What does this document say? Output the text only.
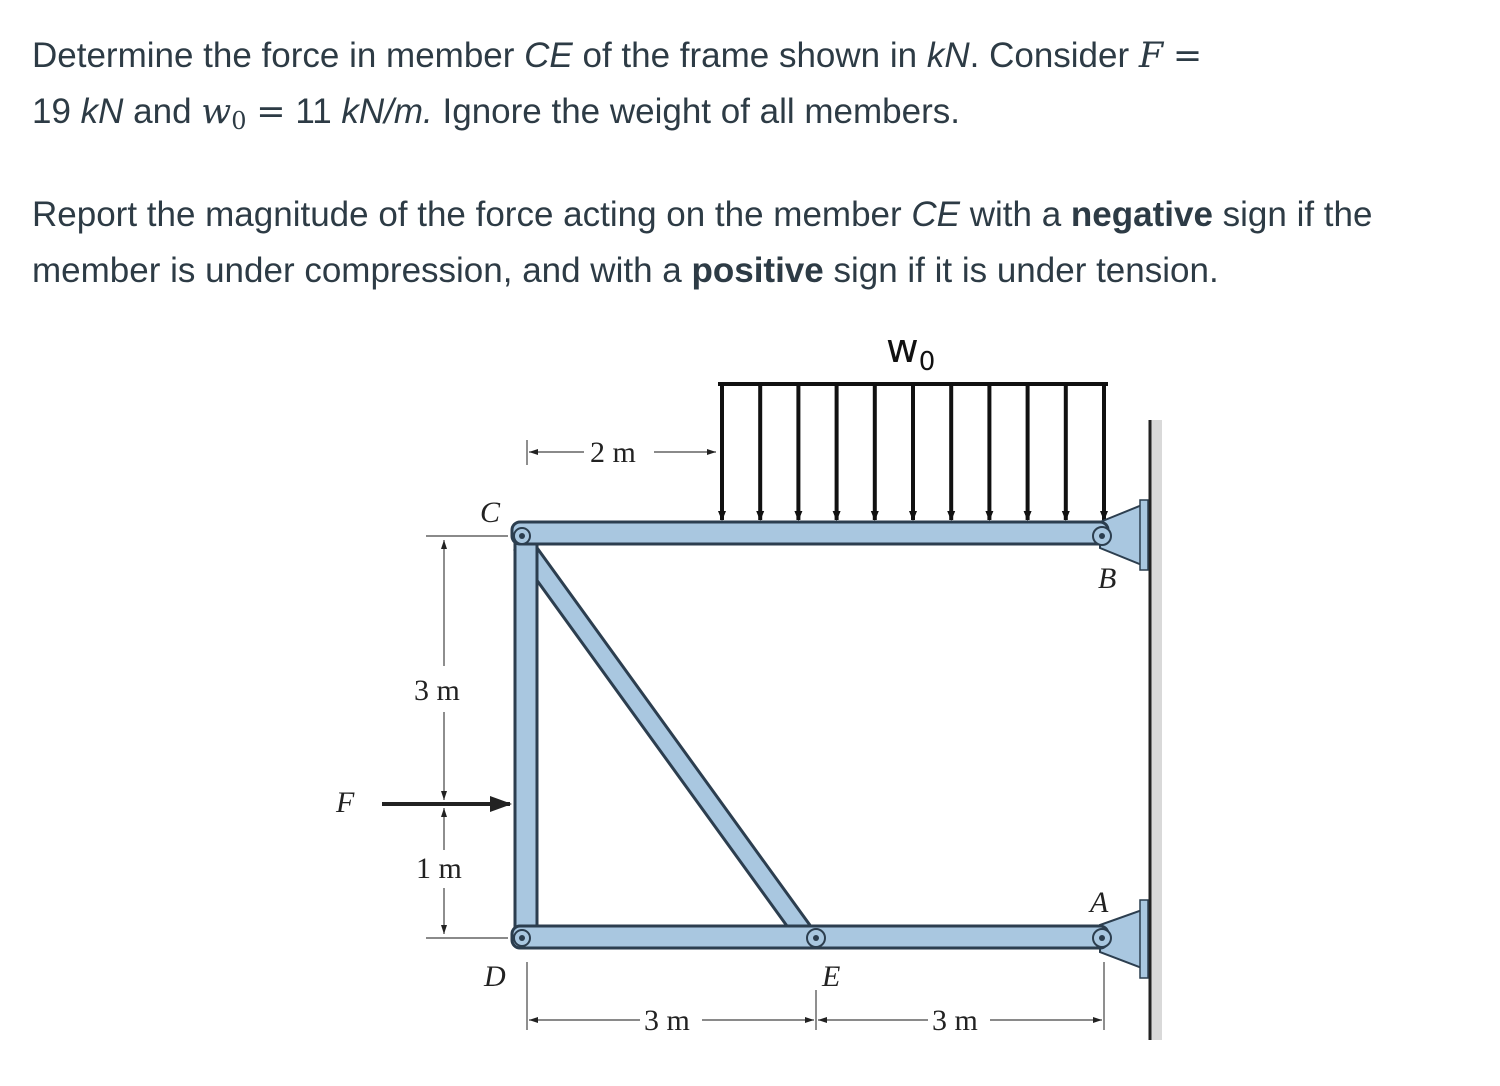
Determine the force in member CE of the frame shown in kN. Consider F =
19 kN and $w_0 = 11$ kN/m. Ignore the weight of all members.

Report the magnitude of the force acting on the member CE with a negative sign if the member is under compression, and with a positive sign if it is under tension.

$w_0$
C
B
A
D	E
F
2 m
3 m
1 m
3 m	3 m
